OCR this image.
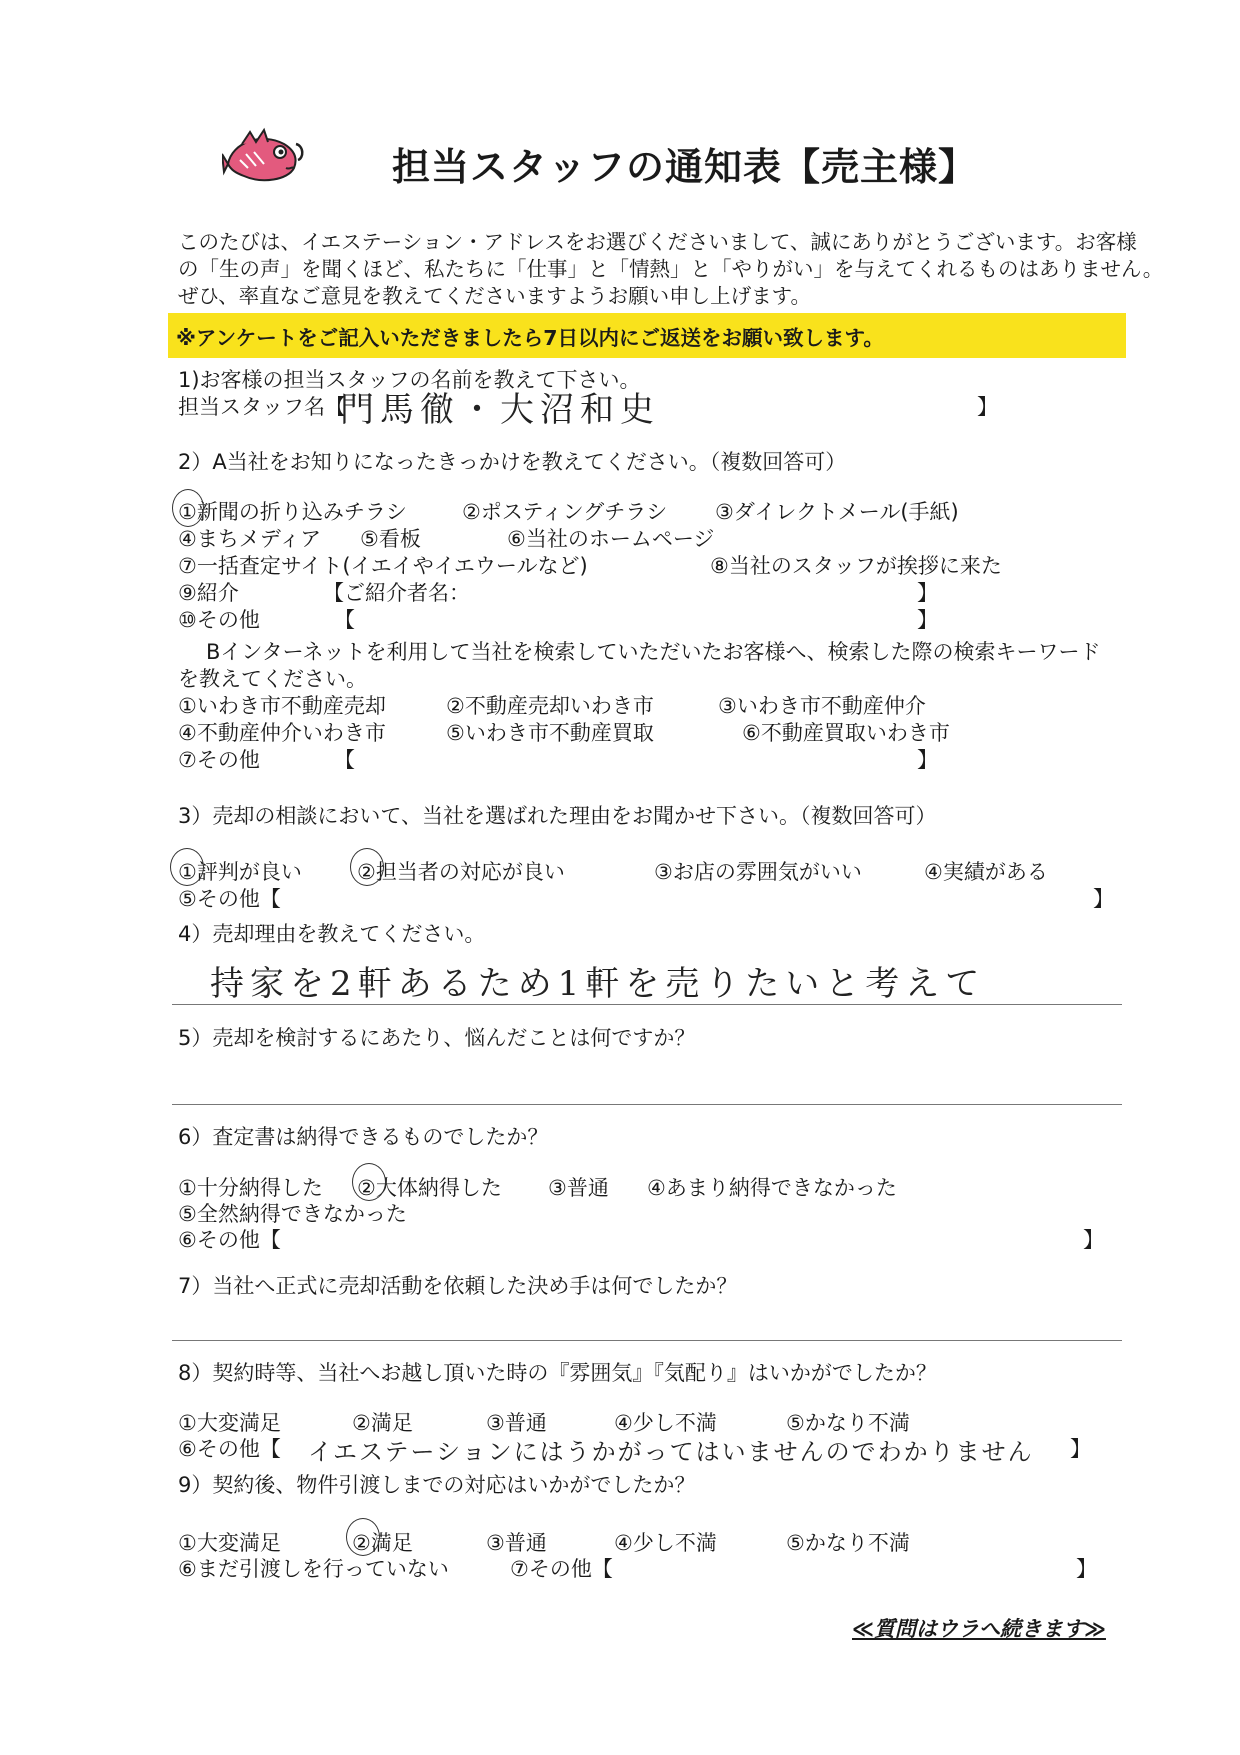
担当スタッフの通知表【売主様】
このたびは、イエステーション・アドレスをお選びくださいまして、誠にありがとうございます。お客様
の「生の声」を聞くほど、私たちに「仕事」と「情熱」と「やりがい」を与えてくれるものはありません。
ぜひ、率直なご意見を教えてくださいますようお願い申し上げます。
※アンケートをご記入いただきましたら7日以内にご返送をお願い致します。
1)お客様の担当スタッフの名前を教えて下さい。
担当スタッフ名【
門馬徹・大沼和史	】
2）A当社をお知りになったきっかけを教えてください。（複数回答可）
①新聞の折り込みチラシ	②ポスティングチラシ ③ダイレクトメール(手紙)
④まちメディア ⑤看板	⑥当社のホームページ
⑦一括査定サイト(イエイやイエウールなど)	⑧当社のスタッフが挨拶に来た
⑨紹介	【ご紹介者名：	】
⑩その他	【	】
Bインターネットを利用して当社を検索していただいたお客様へ、検索した際の検索キーワード
を教えてください。
①いわき市不動産売却	②不動産売却いわき市	③いわき市不動産仲介
④不動産仲介いわき市	⑤いわき市不動産買取	⑥不動産買取いわき市
⑦その他	【	】
3）売却の相談において、当社を選ばれた理由をお聞かせ下さい。（複数回答可）
①評判が良い	②担当者の対応が良い	③お店の雰囲気がいい	④実績がある
⑤その他【	】
4）売却理由を教えてください。
持家を2軒あるため1軒を売りたいと考えて
5）売却を検討するにあたり、悩んだことは何ですか？
6）査定書は納得できるものでしたか？
①十分納得した ②大体納得した ③普通 ④あまり納得できなかった
⑤全然納得できなかった
⑥その他【	】
7）当社へ正式に売却活動を依頼した決め手は何でしたか？
8）契約時等、当社へお越し頂いた時の『雰囲気』『気配り』はいかがでしたか？
①大変満足	②満足	③普通	④少し不満	⑤かなり不満
⑥その他【 イエステーションにはうかがってはいませんのでわかりません 】
9）契約後、物件引渡しまでの対応はいかがでしたか？
①大変満足	②満足	③普通	④少し不満	⑤かなり不満
⑥まだ引渡しを行っていない	⑦その他【	】
≪質問はウラへ続きます≫
